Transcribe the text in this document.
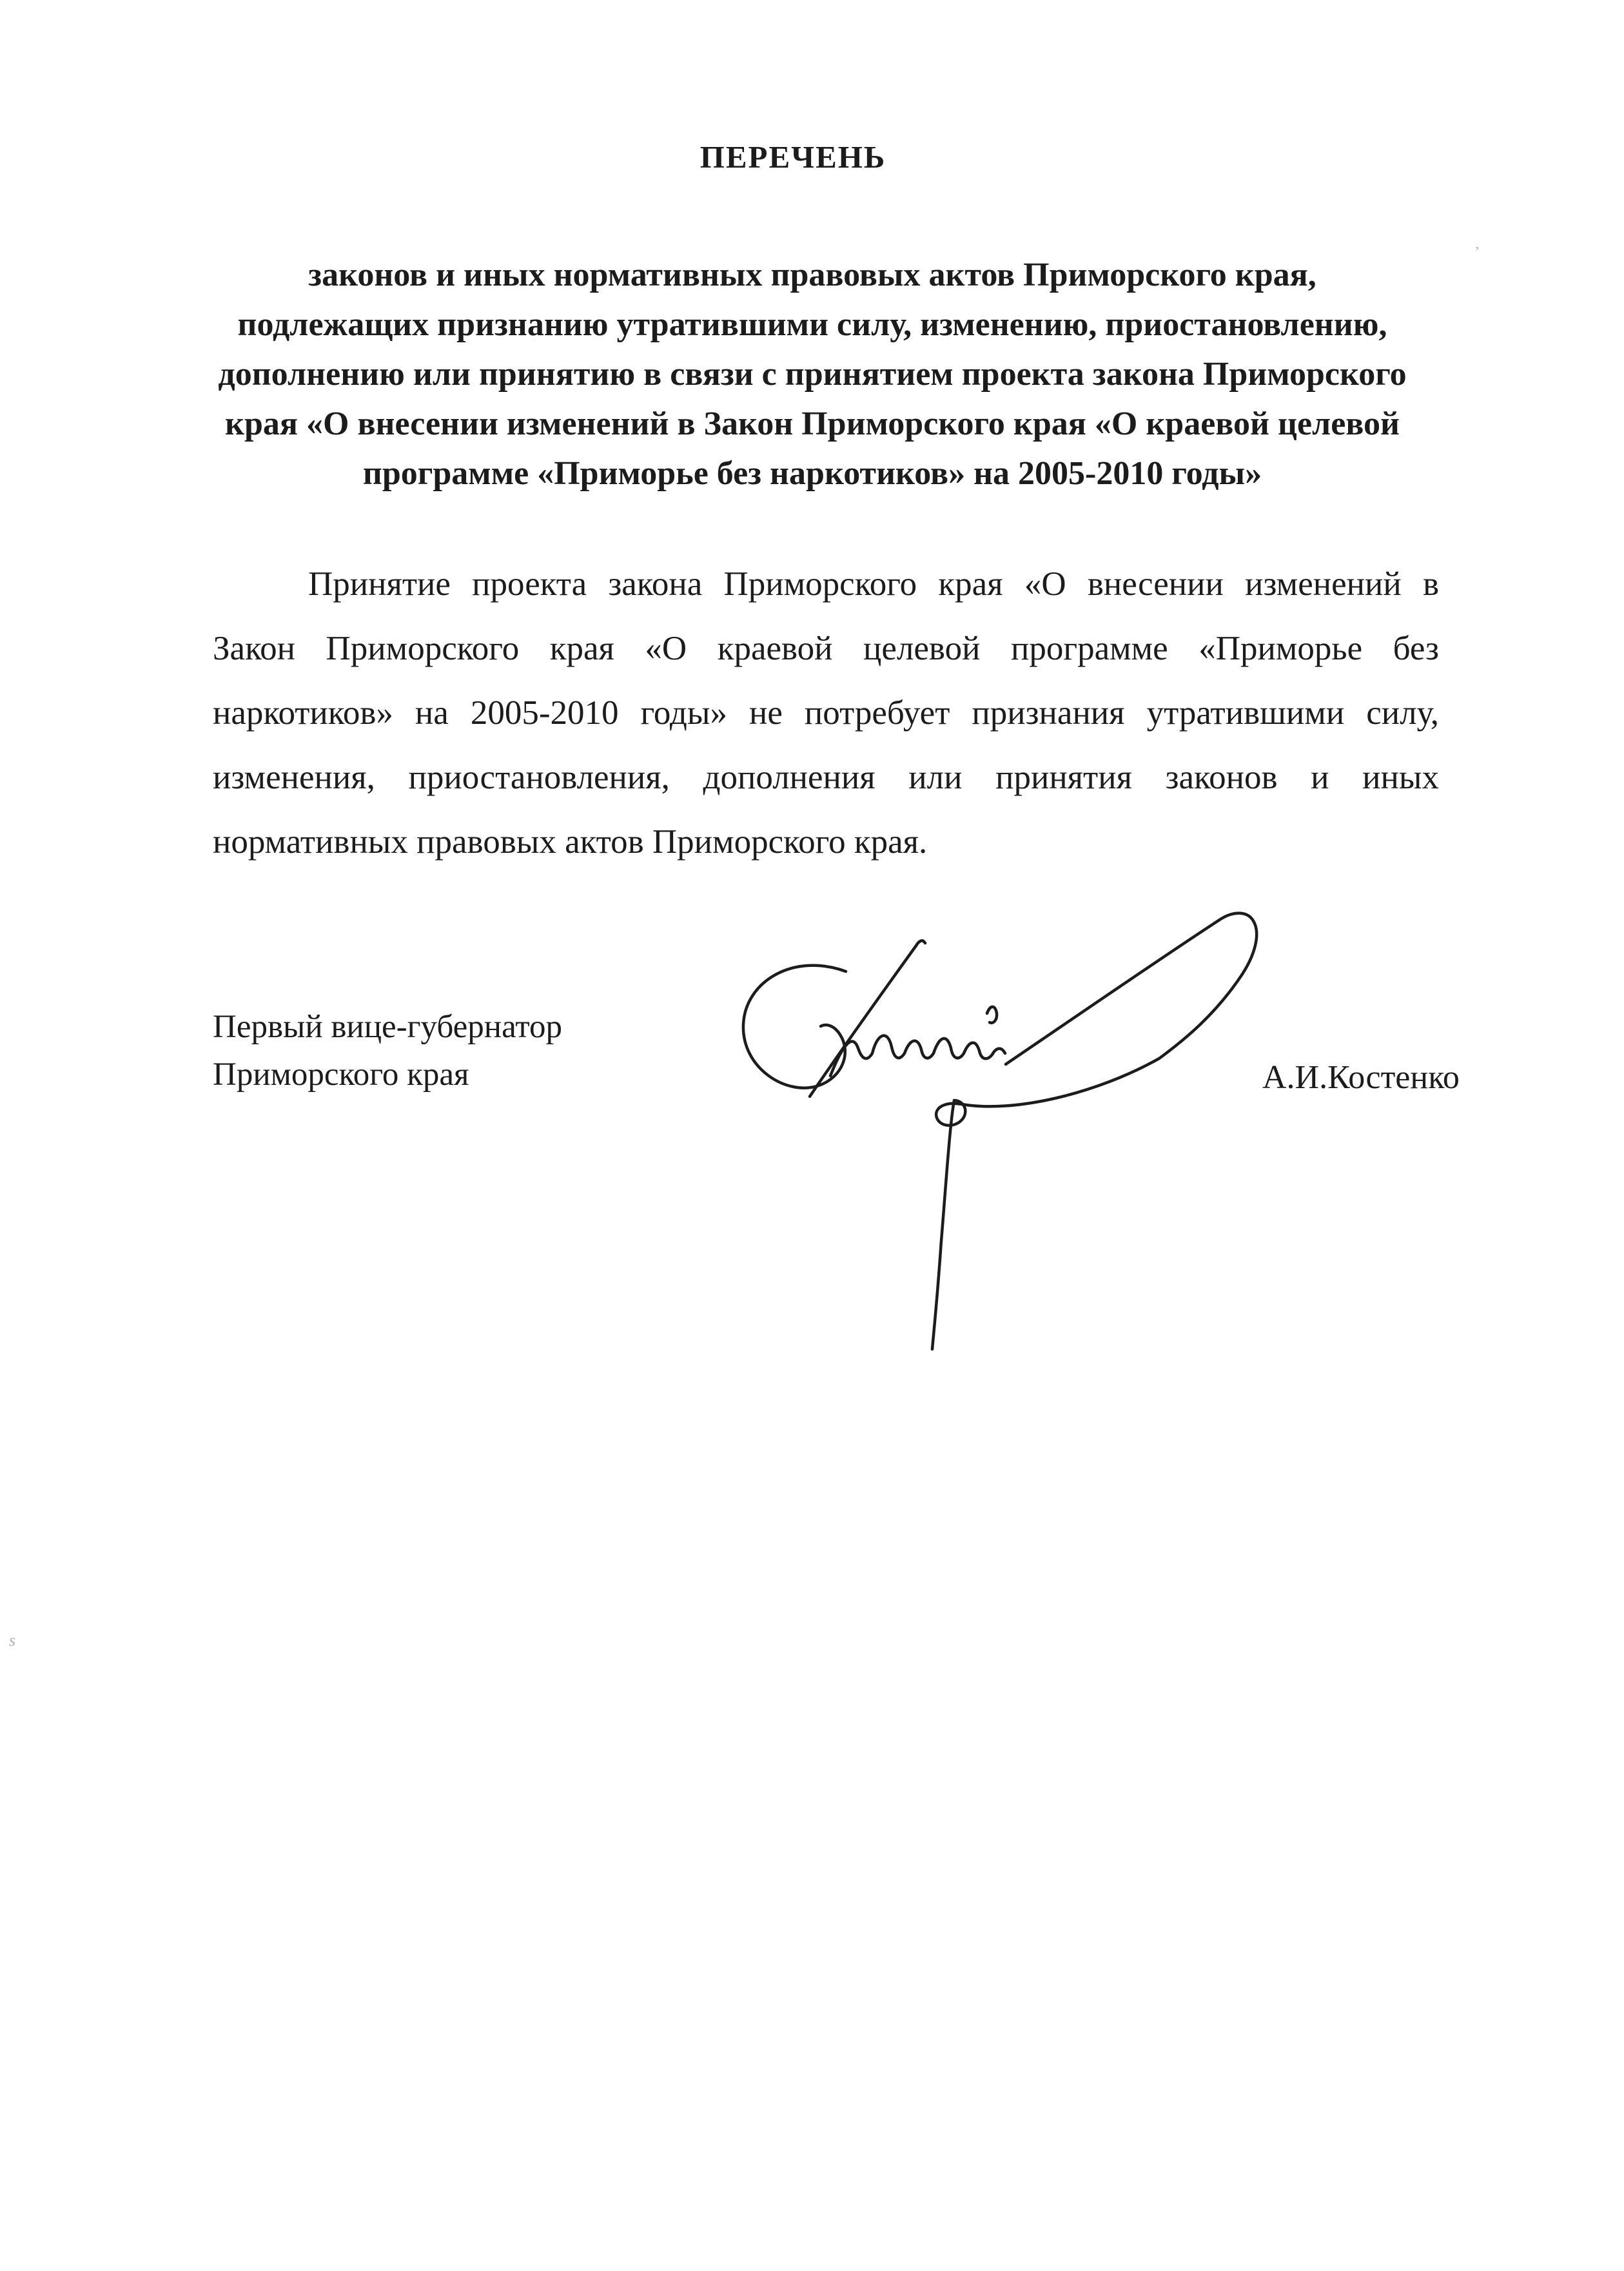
ПЕРЕЧЕНЬ
законов и иных нормативных правовых актов Приморского края,
подлежащих признанию утратившими силу, изменению, приостановлению,
дополнению или принятию в связи с принятием проекта закона Приморского
края «О внесении изменений в Закон Приморского края «О краевой целевой
программе «Приморье без наркотиков» на 2005-2010 годы»
Принятие проекта закона Приморского края «О внесении изменений в
Закон Приморского края «О краевой целевой программе «Приморье без
наркотиков» на 2005-2010 годы» не потребует признания утратившими силу,
изменения, приостановления, дополнения или принятия законов и иных
нормативных правовых актов Приморского края.
Первый вице-губернатор
Приморского края	А.И.Костенко
ʼ
s
